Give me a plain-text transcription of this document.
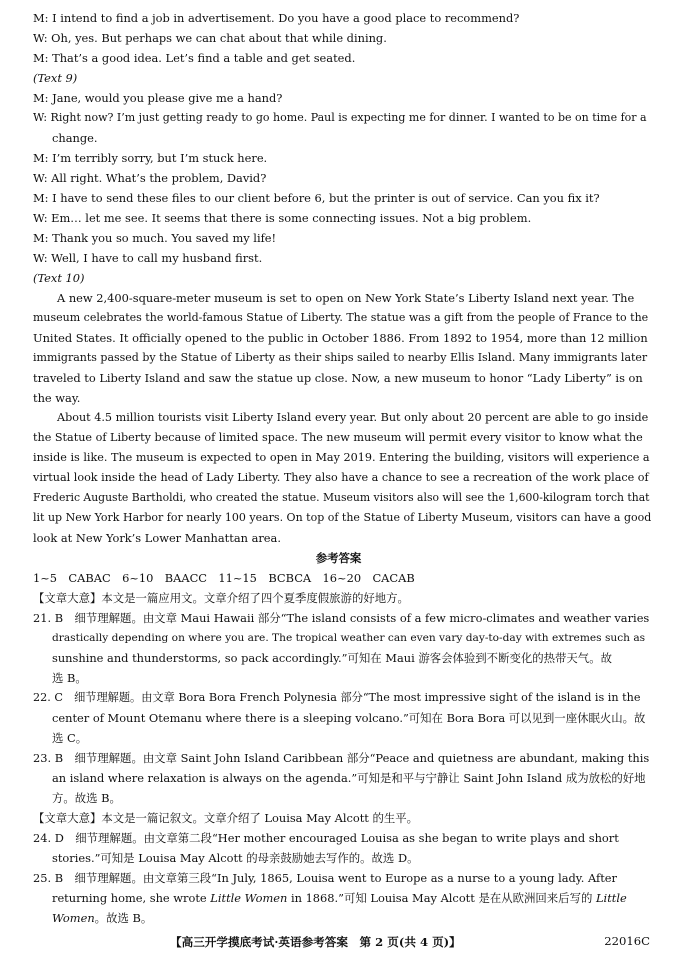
M: I intend to find a job in advertisement. Do you have a good place to recommend?
W: Oh, yes. But perhaps we can chat about that while dining.
M: That’s a good idea. Let’s find a table and get seated.
(Text 9)
M: Jane, would you please give me a hand?
W: Right now? I’m just getting ready to go home. Paul is expecting me for dinner. I wanted to be on time for a
change.
M: I’m terribly sorry, but I’m stuck here.
W: All right. What’s the problem, David?
M: I have to send these files to our client before 6, but the printer is out of service. Can you fix it?
W: Em… let me see. It seems that there is some connecting issues. Not a big problem.
M: Thank you so much. You saved my life!
W: Well, I have to call my husband first.
(Text 10)
A new 2,400-square-meter museum is set to open on New York State’s Liberty Island next year. The
museum celebrates the world-famous Statue of Liberty. The statue was a gift from the people of France to the
United States. It officially opened to the public in October 1886. From 1892 to 1954, more than 12 million
immigrants passed by the Statue of Liberty as their ships sailed to nearby Ellis Island. Many immigrants later
traveled to Liberty Island and saw the statue up close. Now, a new museum to honor “Lady Liberty” is on
the way.
About 4.5 million tourists visit Liberty Island every year. But only about 20 percent are able to go inside
the Statue of Liberty because of limited space. The new museum will permit every visitor to know what the
inside is like. The museum is expected to open in May 2019. Entering the building, visitors will experience a
virtual look inside the head of Lady Liberty. They also have a chance to see a recreation of the work place of
Frederic Auguste Bartholdi, who created the statue. Museum visitors also will see the 1,600-kilogram torch that
lit up New York Harbor for nearly 100 years. On top of the Statue of Liberty Museum, visitors can have a good
look at New York’s Lower Manhattan area.
参考答案
1~5　CABAC　6~10　BAACC　11~15　BCBCA　16~20　CACAB
【文章大意】本文是一篇应用文。文章介绍了四个夏季度假旅游的好地方。
21. B　细节理解题。由文章 Maui Hawaii 部分“The island consists of a few micro-climates and weather varies
drastically depending on where you are. The tropical weather can even vary day-to-day with extremes such as
sunshine and thunderstorms, so pack accordingly.”可知在 Maui 游客会体验到不断变化的热带天气。故
选 B。
22. C　细节理解题。由文章 Bora Bora French Polynesia 部分“The most impressive sight of the island is in the
center of Mount Otemanu where there is a sleeping volcano.”可知在 Bora Bora 可以见到一座休眠火山。故
选 C。
23. B　细节理解题。由文章 Saint John Island Caribbean 部分“Peace and quietness are abundant, making this
an island where relaxation is always on the agenda.”可知是和平与宁静让 Saint John Island 成为放松的好地
方。故选 B。
【文章大意】本文是一篇记叙文。文章介绍了 Louisa May Alcott 的生平。
24. D　细节理解题。由文章第二段“Her mother encouraged Louisa as she began to write plays and short
stories.”可知是 Louisa May Alcott 的母亲鼓励她去写作的。故选 D。
25. B　细节理解题。由文章第三段“In July, 1865, Louisa went to Europe as a nurse to a young lady. After
returning home, she wrote Little Women in 1868.”可知 Louisa May Alcott 是在从欧洲回来后写的 Little
Women。故选 B。
【高三开学摸底考试·英语参考答案　第 2 页(共 4 页)】	22016C
